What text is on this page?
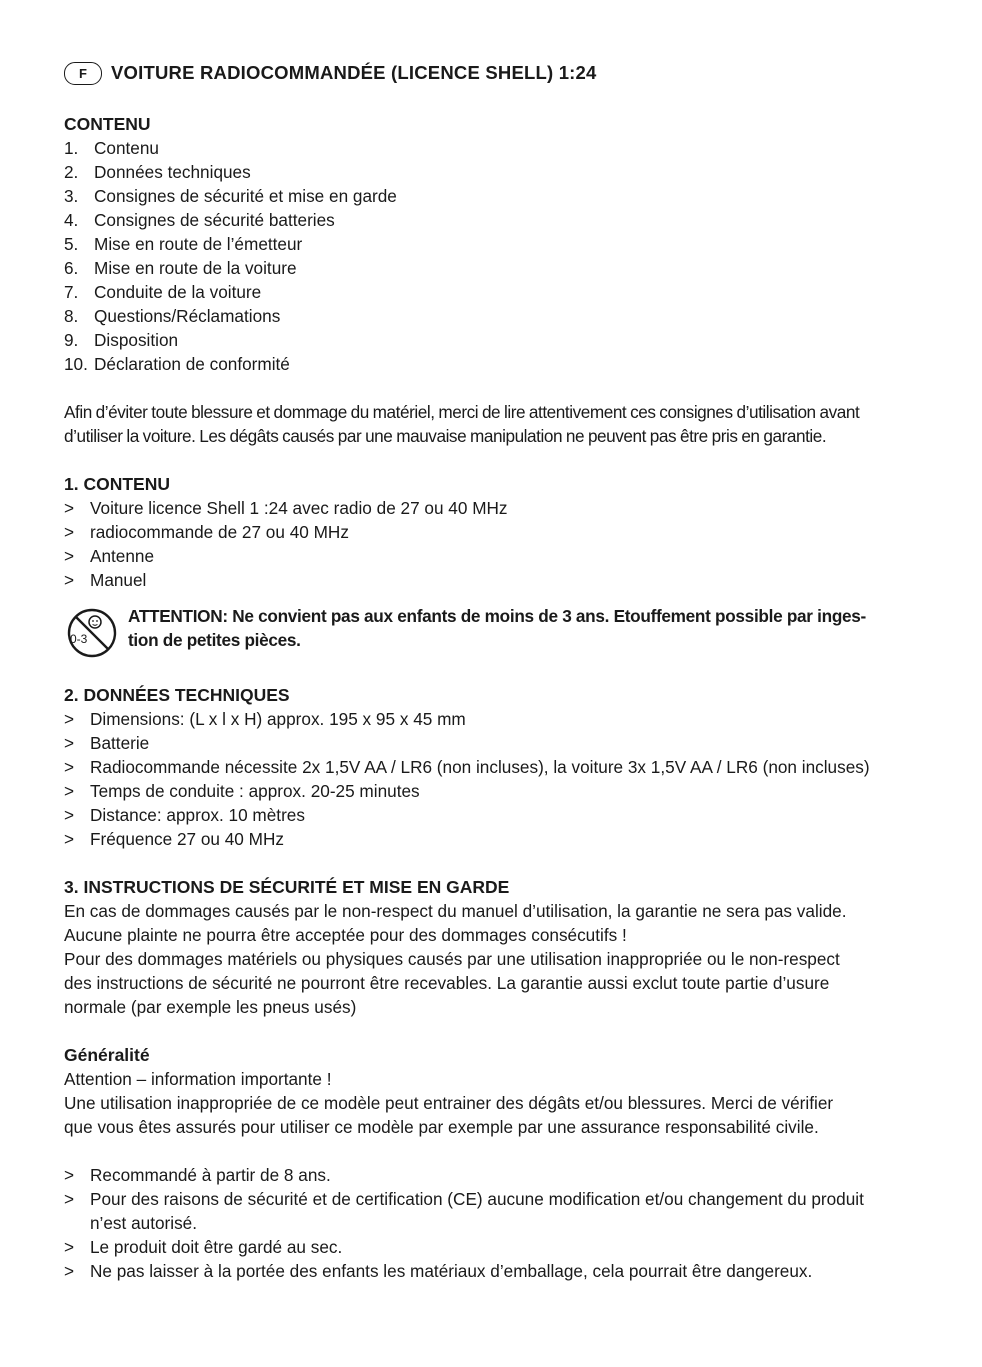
F	VOITURE RADIOCOMMANDÉE (LICENCE SHELL) 1:24
CONTENU
1. Contenu
2. Données techniques
3. Consignes de sécurité et mise en garde
4. Consignes de sécurité batteries
5. Mise en route de l’émetteur
6. Mise en route de la voiture
7. Conduite de la voiture
8. Questions/Réclamations
9. Disposition
10. Déclaration de conformité
Afin d’éviter toute blessure et dommage du matériel, merci de lire attentivement ces consignes d’utilisation avant
d’utiliser la voiture. Les dégâts causés par une mauvaise manipulation ne peuvent pas être pris en garantie.
1. CONTENU
> Voiture licence Shell 1 :24 avec radio de 27 ou 40 MHz
> radiocommande de 27 ou 40 MHz
> Antenne
> Manuel
0-3
ATTENTION: Ne convient pas aux enfants de moins de 3 ans. Etouffement possible par inges-
tion de petites pièces.
2. DONNÉES TECHNIQUES
> Dimensions: (L x l x H) approx. 195 x 95 x 45 mm
> Batterie
> Radiocommande nécessite 2x 1,5V AA / LR6 (non incluses), la voiture 3x 1,5V AA / LR6 (non incluses)
> Temps de conduite : approx. 20-25 minutes
> Distance: approx. 10 mètres
> Fréquence 27 ou 40 MHz
3. INSTRUCTIONS DE SÉCURITÉ ET MISE EN GARDE
En cas de dommages causés par le non-respect du manuel d’utilisation, la garantie ne sera pas valide.
Aucune plainte ne pourra être acceptée pour des dommages consécutifs !
Pour des dommages matériels ou physiques causés par une utilisation inappropriée ou le non-respect
des instructions de sécurité ne pourront être recevables. La garantie aussi exclut toute partie d’usure
normale (par exemple les pneus usés)
Généralité
Attention – information importante !
Une utilisation inappropriée de ce modèle peut entrainer des dégâts et/ou blessures. Merci de vérifier
que vous êtes assurés pour utiliser ce modèle par exemple par une assurance responsabilité civile.
> Recommandé à partir de 8 ans.
> Pour des raisons de sécurité et de certification (CE) aucune modification et/ou changement du produit n’est autorisé.
> Le produit doit être gardé au sec.
> Ne pas laisser à la portée des enfants les matériaux d’emballage, cela pourrait être dangereux.
